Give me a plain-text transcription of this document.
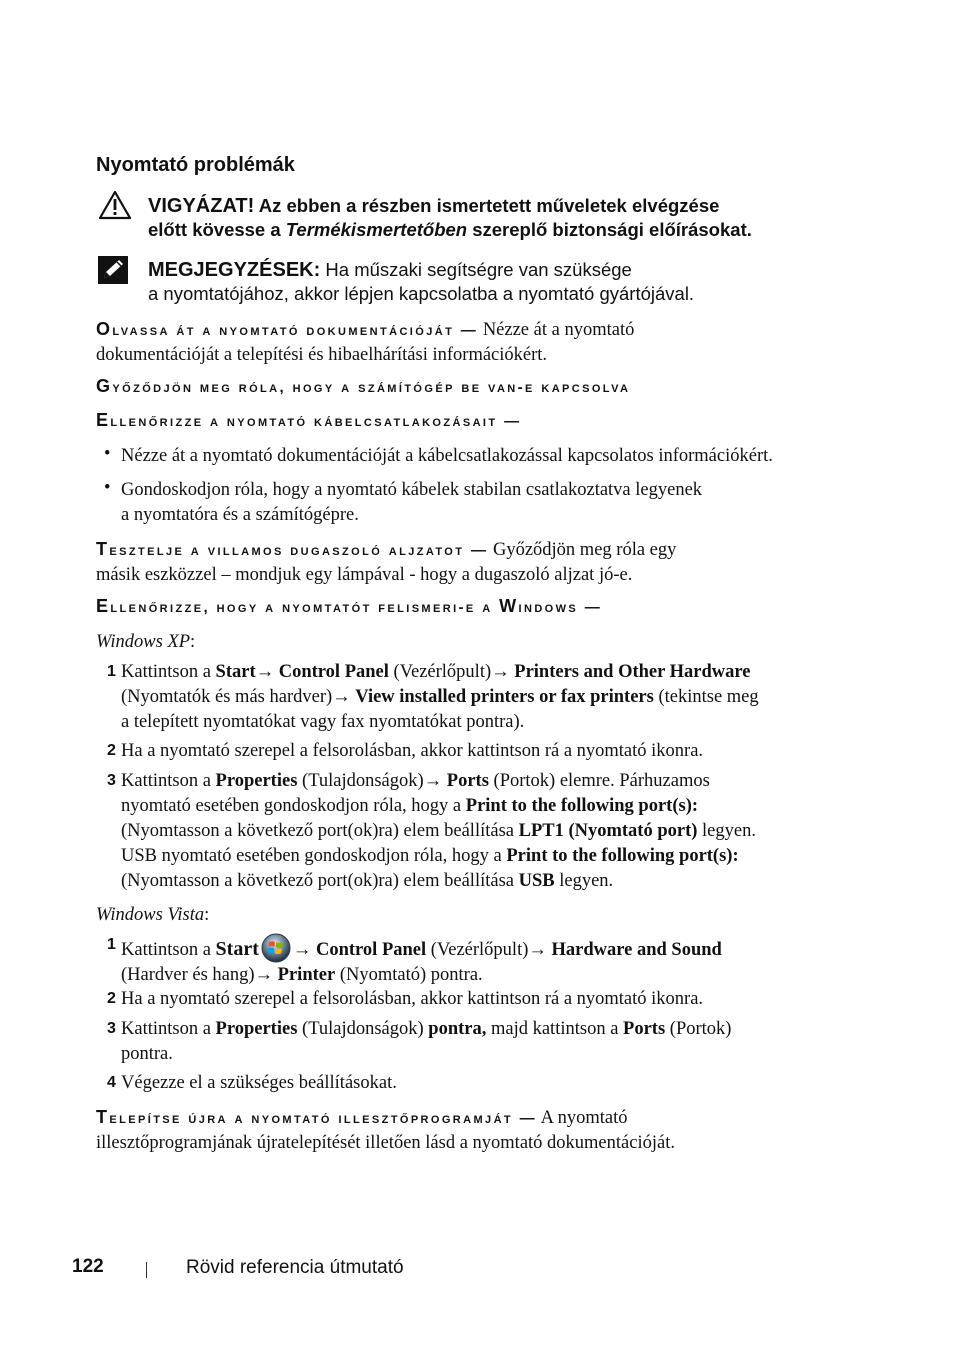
Nyomtató problémák
VIGYÁZAT! Az ebben a részben ismertetett műveletek elvégzése
előtt kövesse a Termékismertetőben szereplő biztonsági előírásokat.
MEGJEGYZÉSEK: Ha műszaki segítségre van szüksége
a nyomtatójához, akkor lépjen kapcsolatba a nyomtató gyártójával.
Olvassa át a nyomtató dokumentációját — Nézze át a nyomtató
dokumentációját a telepítési és hibaelhárítási információkért.
Győződjön meg róla, hogy a számítógép be van-e kapcsolva
Ellenőrizze a nyomtató kábelcsatlakozásait —
• Nézze át a nyomtató dokumentációját a kábelcsatlakozással kapcsolatos információkért.
• Gondoskodjon róla, hogy a nyomtató kábelek stabilan csatlakoztatva legyenek
a nyomtatóra és a számítógépre.
Tesztelje a villamos dugaszoló aljzatot — Győződjön meg róla egy
másik eszközzel – mondjuk egy lámpával - hogy a dugaszoló aljzat jó-e.
Ellenőrizze, hogy a nyomtatót felismeri-e a Windows —
Windows XP:
1 Kattintson a Start→ Control Panel (Vezérlőpult)→ Printers and Other Hardware
(Nyomtatók és más hardver)→ View installed printers or fax printers (tekintse meg
a telepített nyomtatókat vagy fax nyomtatókat pontra).
2 Ha a nyomtató szerepel a felsorolásban, akkor kattintson rá a nyomtató ikonra.
3 Kattintson a Properties (Tulajdonságok)→ Ports (Portok) elemre. Párhuzamos
nyomtató esetében gondoskodjon róla, hogy a Print to the following port(s):
(Nyomtasson a következő port(ok)ra) elem beállítása LPT1 (Nyomtató port) legyen.
USB nyomtató esetében gondoskodjon róla, hogy a Print to the following port(s):
(Nyomtasson a következő port(ok)ra) elem beállítása USB legyen.
Windows Vista:
1 Kattintson a Start → Control Panel (Vezérlőpult)→ Hardware and Sound
(Hardver és hang)→ Printer (Nyomtató) pontra.
2 Ha a nyomtató szerepel a felsorolásban, akkor kattintson rá a nyomtató ikonra.
3 Kattintson a Properties (Tulajdonságok) pontra, majd kattintson a Ports (Portok)
pontra.
4 Végezze el a szükséges beállításokat.
Telepítse újra a nyomtató illesztőprogramját — A nyomtató
illesztőprogramjának újratelepítését illetően lásd a nyomtató dokumentációját.
122	Rövid referencia útmutató
